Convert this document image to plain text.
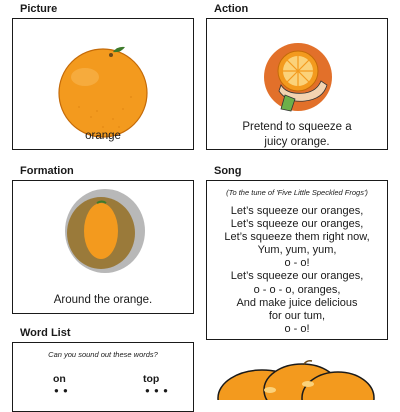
Picture
orange
Action
Pretend to squeeze a
juicy orange.
Formation
Around the orange.
Song
(To the tune of 'Five Little Speckled Frogs')
Let’s squeeze our oranges,
Let’s squeeze our oranges,
Let’s squeeze them right now,
Yum, yum, yum,
o - o!
Let’s squeeze our oranges,
o - o - o, oranges,
And make juice delicious
for our tum,
o - o!
Word List
Can you sound out these words?
on
● ●
top
● ● ●
